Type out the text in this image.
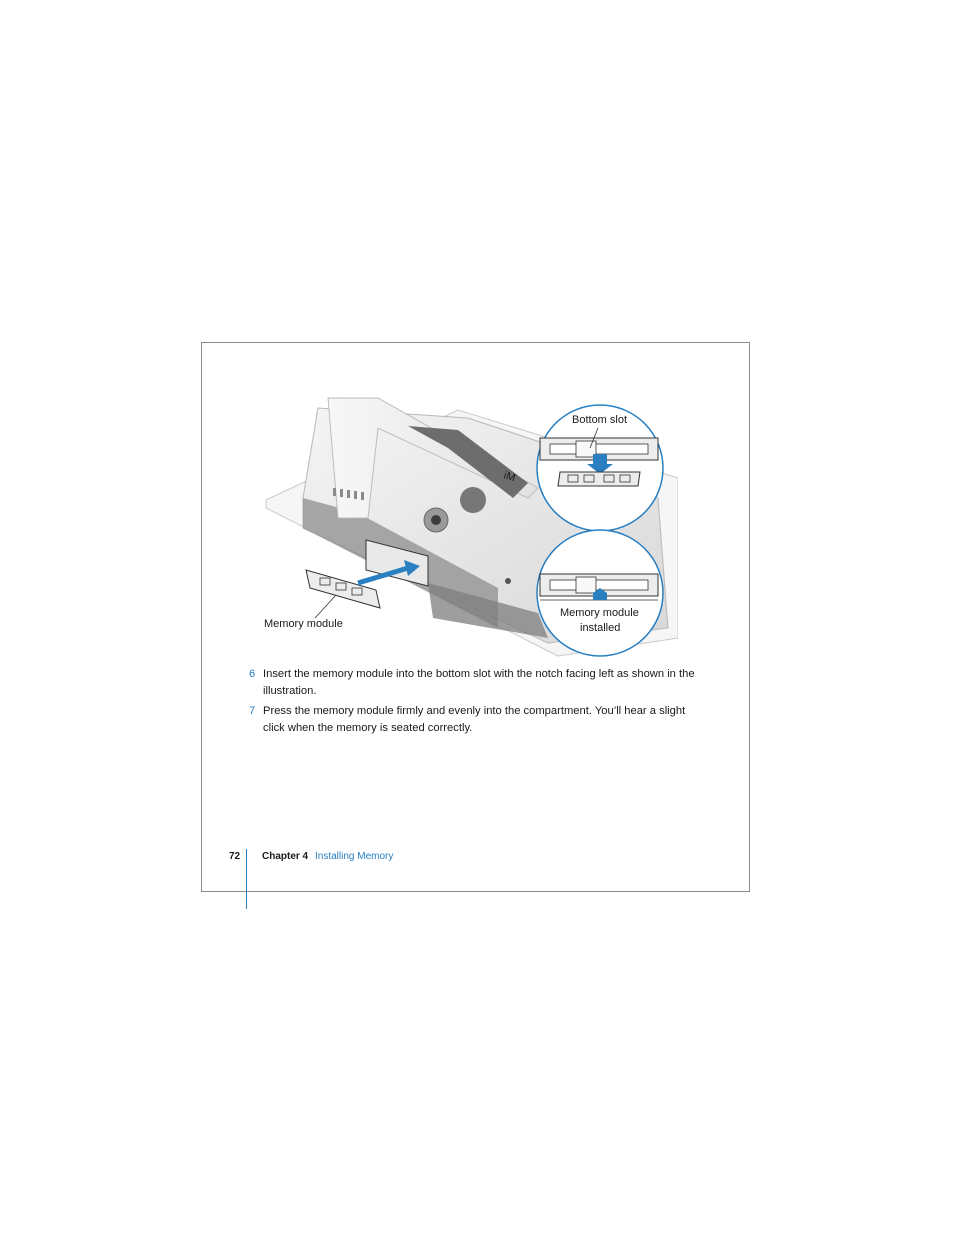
iM
Memory module
Bottom slot
Memory module
installed
6 Insert the memory module into the bottom slot with the notch facing left as shown in the illustration.
7 Press the memory module firmly and evenly into the compartment. You’ll hear a slight click when the memory is seated correctly.
72 Chapter 4 Installing Memory
